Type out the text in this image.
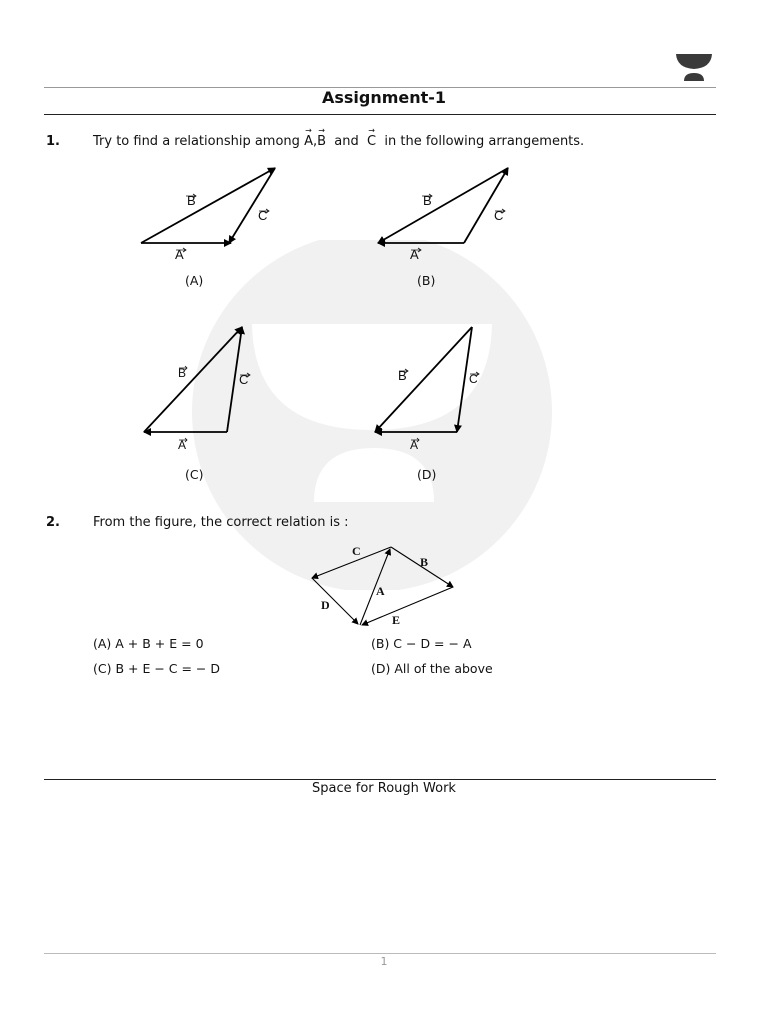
Assignment-1
1.	Try to find a relationship among → A,→ B and → C in the following arrangements.
B
C
A
B
C
A
B	C
A
B	C
A
(A)	(B)
(C)	(D)
2.	From the figure, the correct relation is :
C
B
A
D
E
(A) A + B + E = 0	(B) C − D = − A
(C) B + E − C = − D	(D) All of the above
Space for Rough Work
1
